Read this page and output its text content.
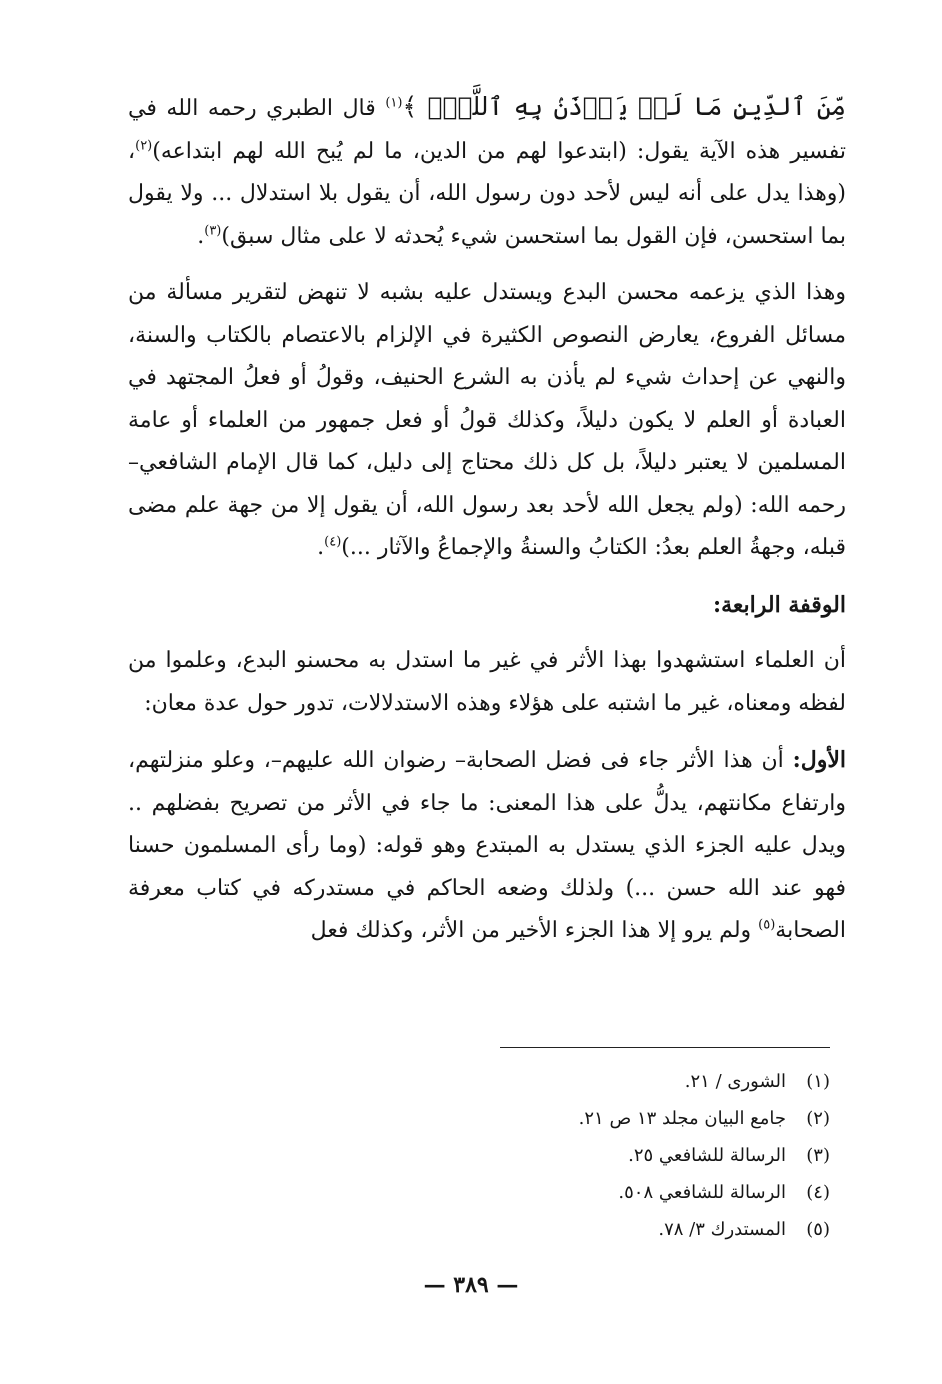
مِّنَ ٱلدِّينِ مَا لَمۡ يَأۡذَنۢ بِهِ ٱللَّهُۚ ﴾$^{(١)}$ قال الطبري رحمه الله في تفسير هذه الآية يقول: (ابتدعوا لهم من الدين، ما لم يُبح الله لهم ابتداعه)$^{(٢)}$، (وهذا يدل على أنه ليس لأحد دون رسول الله، أن يقول بلا استدلال ... ولا يقول بما استحسن، فإن القول بما استحسن شيء يُحدثه لا على مثال سبق)$^{(٣)}$.

وهذا الذي يزعمه محسن البدع ويستدل عليه بشبه لا تنهض لتقرير مسألة من مسائل الفروع، يعارض النصوص الكثيرة في الإلزام بالاعتصام بالكتاب والسنة، والنهي عن إحداث شيء لم يأذن به الشرع الحنيف، وقولُ أو فعلُ المجتهد في العبادة أو العلم لا يكون دليلاً، وكذلك قولُ أو فعل جمهور من العلماء أو عامة المسلمين لا يعتبر دليلاً، بل كل ذلك محتاج إلى دليل، كما قال الإمام الشافعي– رحمه الله: (ولم يجعل الله لأحد بعد رسول الله، أن يقول إلا من جهة علم مضى قبله، وجهةُ العلم بعدُ: الكتابُ والسنةُ والإجماعُ والآثار ...)$^{(٤)}$.

الوقفة الرابعة:

أن العلماء استشهدوا بهذا الأثر في غير ما استدل به محسنو البدع، وعلموا من لفظه ومعناه، غير ما اشتبه على هؤلاء وهذه الاستدلالات، تدور حول عدة معان:

الأول: أن هذا الأثر جاء فى فضل الصحابة– رضوان الله عليهم–، وعلو منزلتهم، وارتفاع مكانتهم، يدلُّ على هذا المعنى: ما جاء في الأثر من تصريح بفضلهم .. ويدل عليه الجزء الذي يستدل به المبتدع وهو قوله: (وما رأى المسلمون حسنا فهو عند الله حسن ...) ولذلك وضعه الحاكم في مستدركه في كتاب معرفة الصحابة$^{(٥)}$ ولم يرو إلا هذا الجزء الأخير من الأثر، وكذلك فعل

(١)
الشورى / ٢١.
(٢)
جامع البيان مجلد ١٣ ص ٢١.
(٣)
الرسالة للشافعي ٢٥.
(٤)
الرسالة للشافعي ٥٠٨.
(٥)
المستدرك ٣/ ٧٨.
— ٣٨٩ —
